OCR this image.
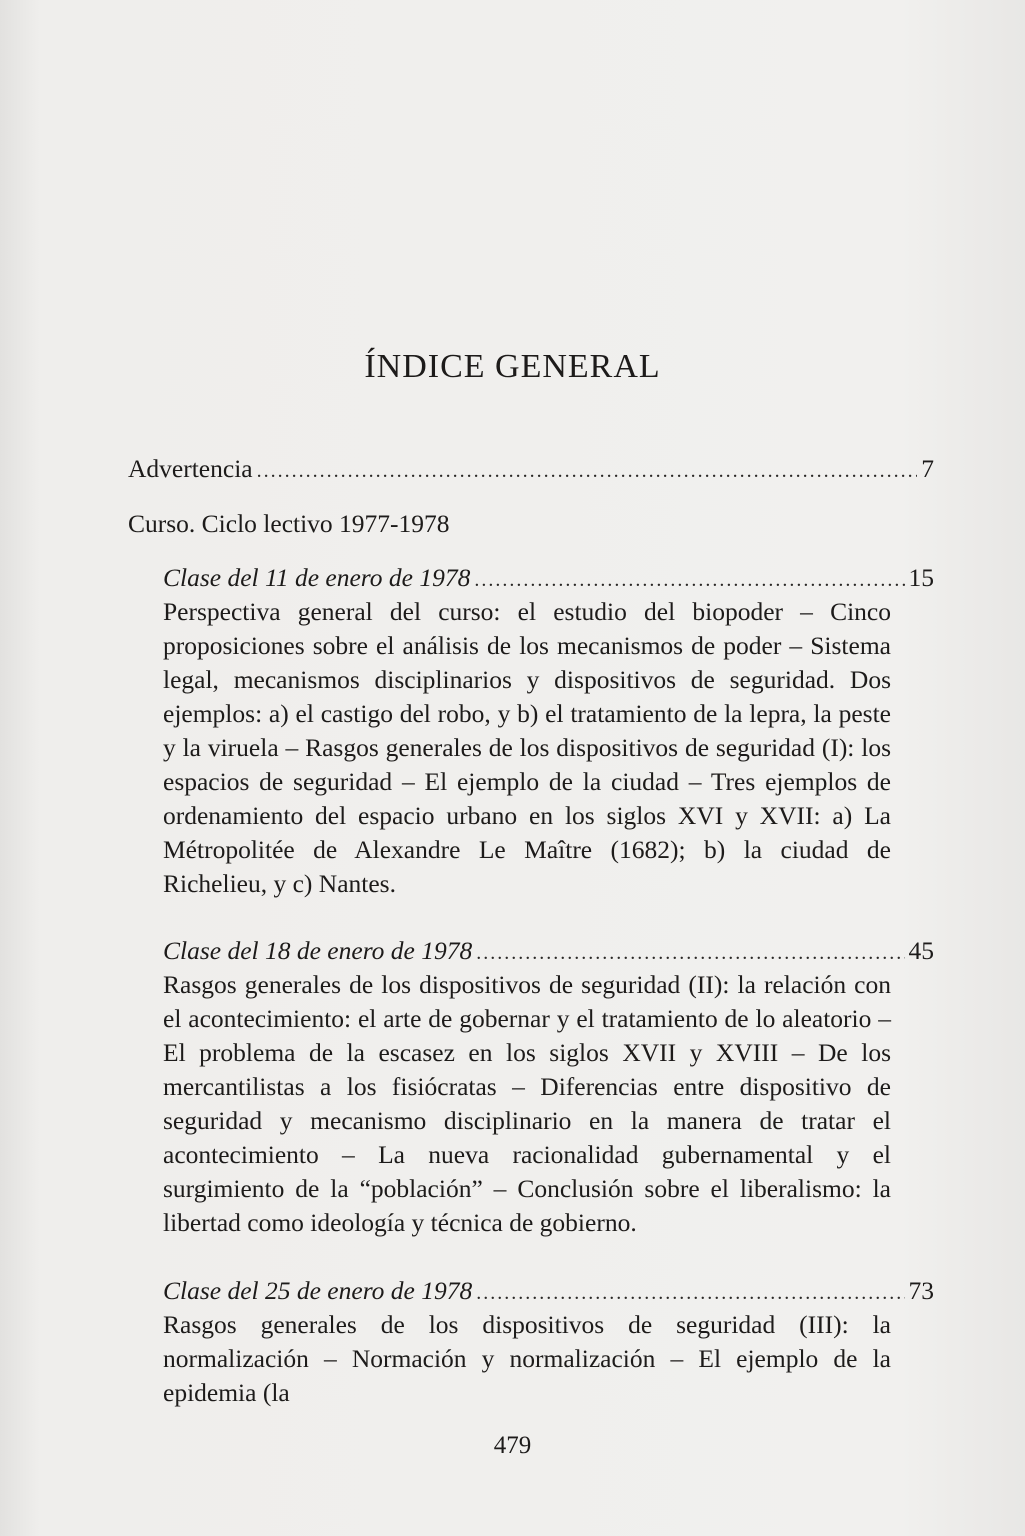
ÍNDICE GENERAL
Advertencia .....	7
Curso. Ciclo lectivo 1977-1978
Clase del 11 de enero de 1978 .....	15
Perspectiva general del curso: el estudio del biopoder – Cinco proposiciones sobre el análisis de los mecanismos de poder – Sistema legal, mecanismos disciplinarios y dispositivos de seguridad. Dos ejemplos: a) el castigo del robo, y b) el tratamiento de la lepra, la peste y la viruela – Rasgos generales de los dispositivos de seguridad (I): los espacios de seguridad – El ejemplo de la ciudad – Tres ejemplos de ordenamiento del espacio urbano en los siglos XVI y XVII: a) La Métropolitée de Alexandre Le Maître (1682); b) la ciudad de Richelieu, y c) Nantes.
Clase del 18 de enero de 1978 .....	45
Rasgos generales de los dispositivos de seguridad (II): la relación con el acontecimiento: el arte de gobernar y el tratamiento de lo aleatorio – El problema de la escasez en los siglos XVII y XVIII – De los mercantilistas a los fisiócratas – Diferencias entre dispositivo de seguridad y mecanismo disciplinario en la manera de tratar el acontecimiento – La nueva racionalidad gubernamental y el surgimiento de la “población” – Conclusión sobre el liberalismo: la libertad como ideología y técnica de gobierno.
Clase del 25 de enero de 1978 .....	73
Rasgos generales de los dispositivos de seguridad (III): la normalización – Normación y normalización – El ejemplo de la epidemia (la
479
